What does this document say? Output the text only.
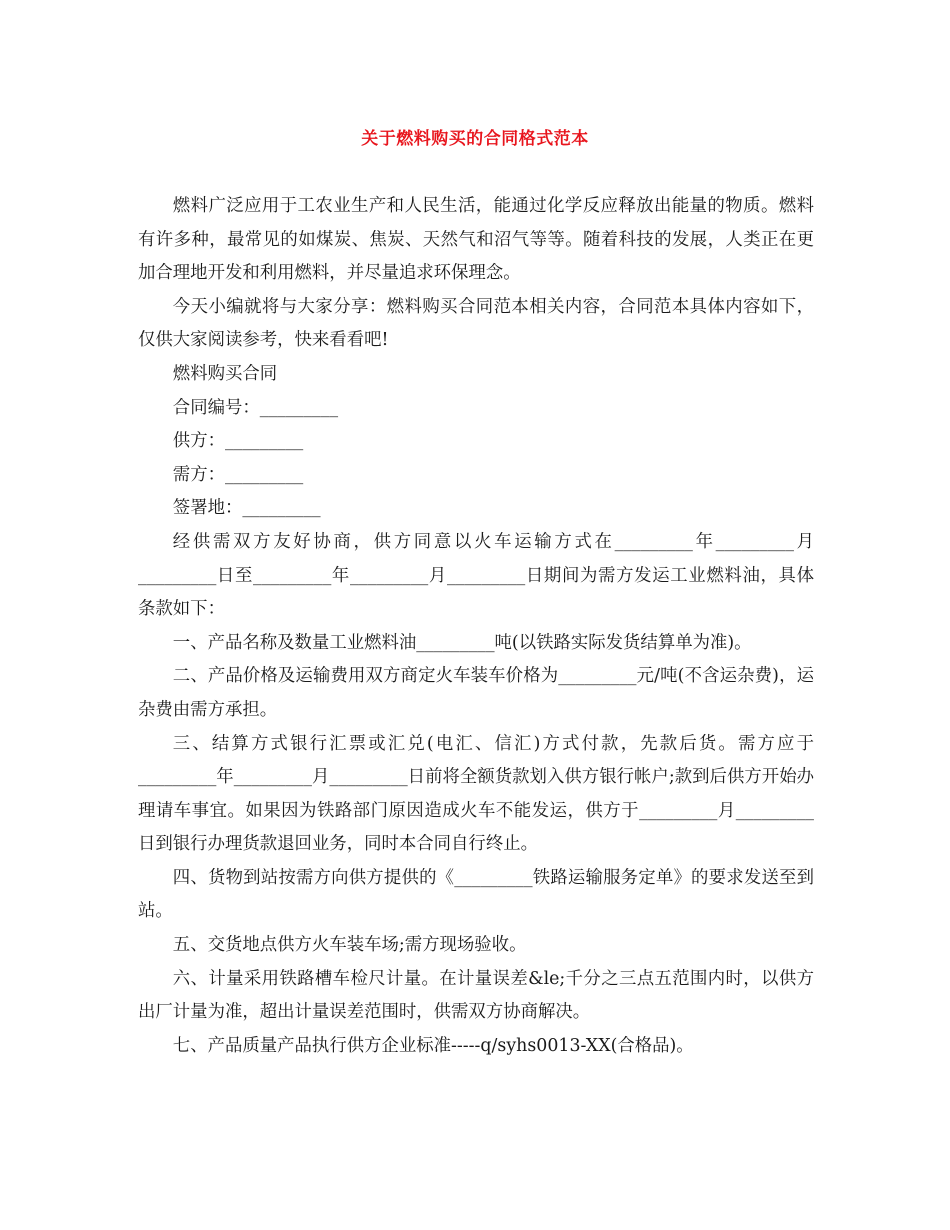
关于燃料购买的合同格式范本

燃料广泛应用于工农业生产和人民生活，能通过化学反应释放出能量的物质。燃料有许多种，最常见的如煤炭、焦炭、天然气和沼气等等。随着科技的发展，人类正在更加合理地开发和利用燃料，并尽量追求环保理念。

今天小编就将与大家分享：燃料购买合同范本相关内容，合同范本具体内容如下，仅供大家阅读参考，快来看看吧!

燃料购买合同

合同编号：_________

供方：_________

需方：_________

签署地：_________

经供需双方友好协商，供方同意以火车运输方式在_________年_________月_________日至_________年_________月_________日期间为需方发运工业燃料油，具体条款如下：

一、产品名称及数量工业燃料油_________吨(以铁路实际发货结算单为准)。

二、产品价格及运输费用双方商定火车装车价格为_________元/吨(不含运杂费)，运杂费由需方承担。

三、结算方式银行汇票或汇兑(电汇、信汇)方式付款，先款后货。需方应于_________年_________月_________日前将全额货款划入供方银行帐户;款到后供方开始办理请车事宜。如果因为铁路部门原因造成火车不能发运，供方于_________月_________日到银行办理货款退回业务，同时本合同自行终止。

四、货物到站按需方向供方提供的《_________铁路运输服务定单》的要求发送至到站。

五、交货地点供方火车装车场;需方现场验收。

六、计量采用铁路槽车检尺计量。在计量误差&le;千分之三点五范围内时，以供方出厂计量为准，超出计量误差范围时，供需双方协商解决。

七、产品质量产品执行供方企业标准-----q/syhs0013-XX(合格品)。
